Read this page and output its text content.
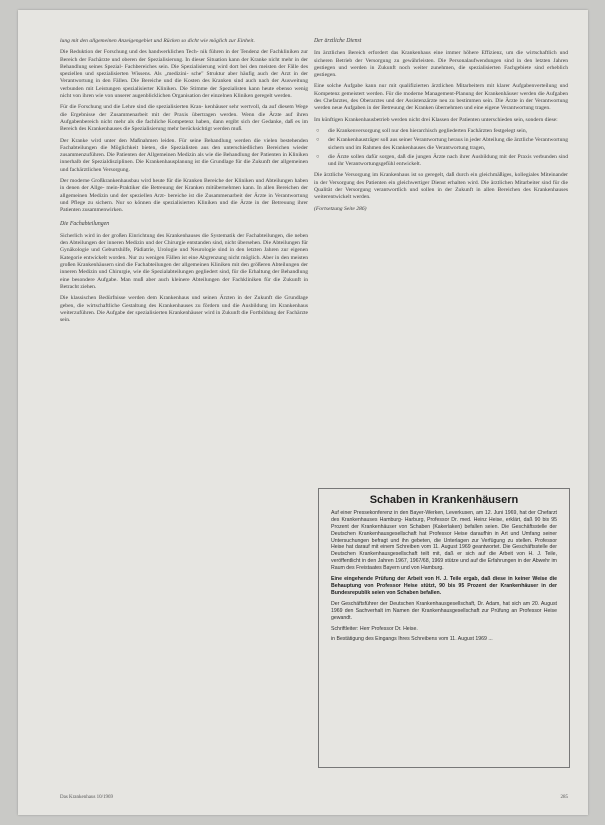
lung mit den allgemeinen Anzeigengebiet und Rücken so dicht wie möglich zur Einheit.

Die Reduktion der Forschung und des handwerklichen Tech- nik führen in der Tendenz der Fachkliniken zur Bereich der Fachärzte und oberen der Spezialisierung. In dieser Situation kann der Kranke nicht mehr in der Behandlung seines Spezial- Fachbereiches sein. Die Spezialisierung wird dort bei den meisten der Fälle des speziellen und spezialisierten Wissens. Als „medizini- sche" Struktur aber häufig auch der Arzt in der Verantwortung in den Fällen. Die Bereiche und die Kosten des Kranken sind auch nach der Ausweitung verbunden mit Leistungen spezialisierter Kliniken. Die Stimme der Spezialisten kann heute ebenso wenig nicht von ihren wie von unserer augenblicklichen Organisation der einzelnen Kliniken geregelt werden.

Für die Forschung und die Lehre sind die spezialisierten Kran- kenhäuser sehr wertvoll, da auf diesem Wege die Ergebnisse der Zusammenarbeit mit der Praxis übertragen werden. Wenn die Ärzte auf ihren Aufgabenbereich nicht mehr als die fachliche Kompetenz haben, dann ergibt sich der Gedanke, daß es im Bereich des Krankenhauses die Spezialisierung mehr berücksichtigt werden muß.

Der Kranke wird unter den Maßnahmen leiden. Für seine Behandlung werden die vielen bestehenden Fachabteilungen die Möglichkeit bieten, die Spezialisten aus den unterschiedlichen Bereichen wieder zusammenzuführen. Die Patienten der Allgemeinen Medizin als wie die Behandlung der Patienten in Kliniken innerhalb der Spezialdisziplinen. Die Krankenhausplanung ist die Grundlage für die Zukunft der allgemeinen und fachärztlichen Versorgung.

Der moderne Großkrankenhausbau wird heute für die Kranken Bereiche der Kliniken und Abteilungen haben in denen der Allge- mein-Praktiker die Betreuung der Kranken mitübernehmen kann. In allen Bereichen der allgemeinen Medizin und der speziellen Arzt- bereiche ist die Zusammenarbeit der Ärzte in Verantwortung und Pflege zu sichern. Nur so können die spezialisierten Kliniken und die Ärzte in der Betreuung ihrer Patienten zusammenwirken.

Die Fachabteilungen

Sicherlich wird in der großen Einrichtung des Krankenhauses die Systematik der Fachabteilungen, die neben den Abteilungen der inneren Medizin und der Chirurgie entstanden sind, nicht übersehen. Die Abteilungen für Gynäkologie und Geburtshilfe, Pädiatrie, Urologie und Neurologie sind in den letzten Jahren zur eigenen Kategorie entwickelt worden. Nur zu wenigen Fällen ist eine Abgrenzung nicht möglich. Aber in den meisten großen Krankenhäusern sind die Fachabteilungen der allgemeinen Kliniken mit den größeren Abteilungen der inneren Medizin und Chirurgie, wie die Spezialabteilungen gegliedert sind, für die Erhaltung der Behandlung eine besondere Aufgabe. Man muß aber auch kleinere Abteilungen der Fachkliniken für die Zukunft in Betracht ziehen.

Die klassischen Bedürfnisse werden dem Krankenhaus und seinen Ärzten in der Zukunft die Grundlage geben, die wirtschaftliche Gestaltung des Krankenhauses zu fördern und die Ausbildung im Krankenhaus weiterzuführen. Die Aufgabe der spezialisierten Krankenhäuser wird in Zukunft die Fortbildung der Fachärzte sein.

Der ärztliche Dienst

Im ärztlichen Bereich erfordert das Krankenhaus eine immer höhere Effizienz, um die wirtschaftlich und sicheren Betrieb der Versorgung zu gewährleisten. Die Personalaufwendungen sind in den letzten Jahren gestiegen und werden in Zukunft noch weiter zunehmen, die spezialisierten Fachgebiete sind erheblich gestiegen.

Eine solche Aufgabe kann nur mit qualifizierten ärztlichen Mitarbeitern mit klarer Aufgabenverteilung und Kompetenz gemeistert werden. Für die moderne Management-Planung der Krankenhäuser werden die Aufgaben des Chefarztes, des Oberarztes und der Assistenzärzte neu zu bestimmen sein. Die Ärzte in der Verantwortung werden neue Aufgaben in der Betreuung der Kranken übernehmen und eine eigene Verantwortung tragen.

Im künftigen Krankenhausbetrieb werden nicht drei Klassen der Patienten unterschieden sein, sondern diese:

○ die Krankenversorgung soll nur den hierarchisch gegliederten Fachärzten festgelegt sein,
○ der Krankenhausträger soll aus seiner Verantwortung heraus in jeder Abteilung die ärztliche Verantwortung sichern und im Rahmen des Krankenhauses die Verantwortung tragen,
○ die Ärzte sollen dafür sorgen, daß die jungen Ärzte nach ihrer Ausbildung mit der Praxis verbunden sind und ihr Verantwortungsgefühl entwickelt.

Die ärztliche Versorgung im Krankenhaus ist so geregelt, daß durch ein gleichmäßiges, kollegiales Miteinander in der Versorgung des Patienten ein gleichwertiger Dienst erhalten wird. Die ärztlichen Mitarbeiter sind für die Qualität der Versorgung verantwortlich und sollen in der Zukunft in allen Bereichen des Krankenhauses weiterentwickelt werden.

(Fortsetzung Seite 286)
Schaben in Krankenhäusern

Auf einer Pressekonferenz in den Bayer-Werken, Leverkusen, am 12. Juni 1969, hat der Chefarzt des Krankenhauses Hamburg- Harburg, Professor Dr. med. Heinz Heise, erklärt, daß 90 bis 95 Prozent der Krankenhäuser von Schaben (Kakerlaken) befallen seien. Die Geschäftsstelle der Deutschen Krankenhausgesellschaft hat Professor Heise daraufhin in Art und Umfang seiner Untersuchungen befragt und ihn gebeten, die Unterlagen zur Verfügung zu stellen. Professor Heise hat darauf mit einem Schreiben vom 11. August 1969 geantwortet. Die Geschäftsstelle der Deutschen Krankenhausgesellschaft teilt mit, daß er sich auf die Arbeit von H. J. Teile, veröffentlicht in den Jahren 1967, 1967/68, 1969 stütze und auf die Erfahrungen in der Abwehr im Raum des Freistaates Bayern und von Hamburg.

Eine eingehende Prüfung der Arbeit von H. J. Teile ergab, daß diese in keiner Weise die Behauptung von Professor Heise stützt, 90 bis 95 Prozent der Krankenhäuser in der Bundesrepublik seien von Schaben befallen.

Der Geschäftsführer der Deutschen Krankenhausgesellschaft, Dr. Adam, hat sich am 20. August 1969 den Sachverhalt im Namen der Krankenhausgesellschaft zur Prüfung an Professor Heise gewandt.

Schriftleiter: Herr Professor Dr. Heise.

in Bestätigung des Eingangs Ihres Schreibens vom 11. August 1969 ...

Das Krankenhaus 10/1969	285
